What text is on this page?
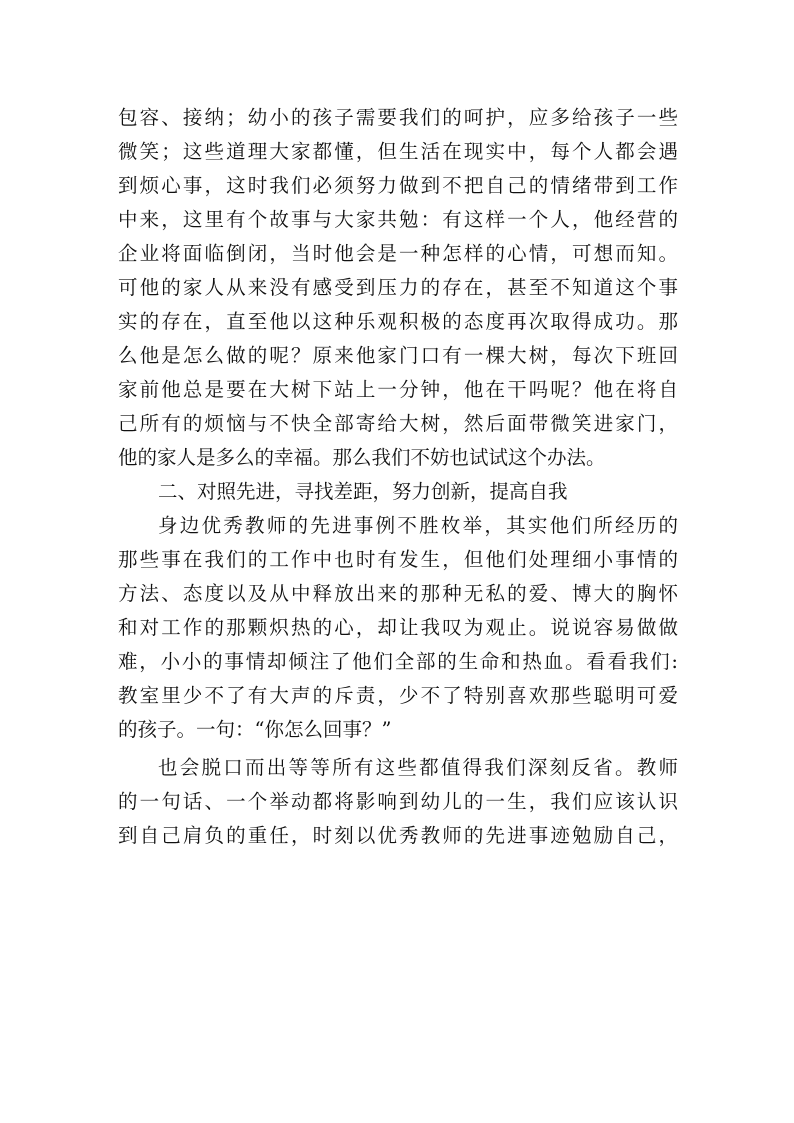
包容、接纳；幼小的孩子需要我们的呵护，应多给孩子一些
微笑；这些道理大家都懂，但生活在现实中，每个人都会遇
到烦心事，这时我们必须努力做到不把自己的情绪带到工作
中来，这里有个故事与大家共勉：有这样一个人，他经营的
企业将面临倒闭，当时他会是一种怎样的心情，可想而知。
可他的家人从来没有感受到压力的存在，甚至不知道这个事
实的存在，直至他以这种乐观积极的态度再次取得成功。那
么他是怎么做的呢？原来他家门口有一棵大树，每次下班回
家前他总是要在大树下站上一分钟，他在干吗呢？他在将自
己所有的烦恼与不快全部寄给大树，然后面带微笑进家门，
他的家人是多么的幸福。那么我们不妨也试试这个办法。
二、对照先进，寻找差距，努力创新，提高自我
身边优秀教师的先进事例不胜枚举，其实他们所经历的
那些事在我们的工作中也时有发生，但他们处理细小事情的
方法、态度以及从中释放出来的那种无私的爱、博大的胸怀
和对工作的那颗炽热的心，却让我叹为观止。说说容易做做
难，小小的事情却倾注了他们全部的生命和热血。看看我们:
教室里少不了有大声的斥责，少不了特别喜欢那些聪明可爱
的孩子。一句：“你怎么回事？”
也会脱口而出等等所有这些都值得我们深刻反省。教师
的一句话、一个举动都将影响到幼儿的一生，我们应该认识
到自己肩负的重任，时刻以优秀教师的先进事迹勉励自己，
